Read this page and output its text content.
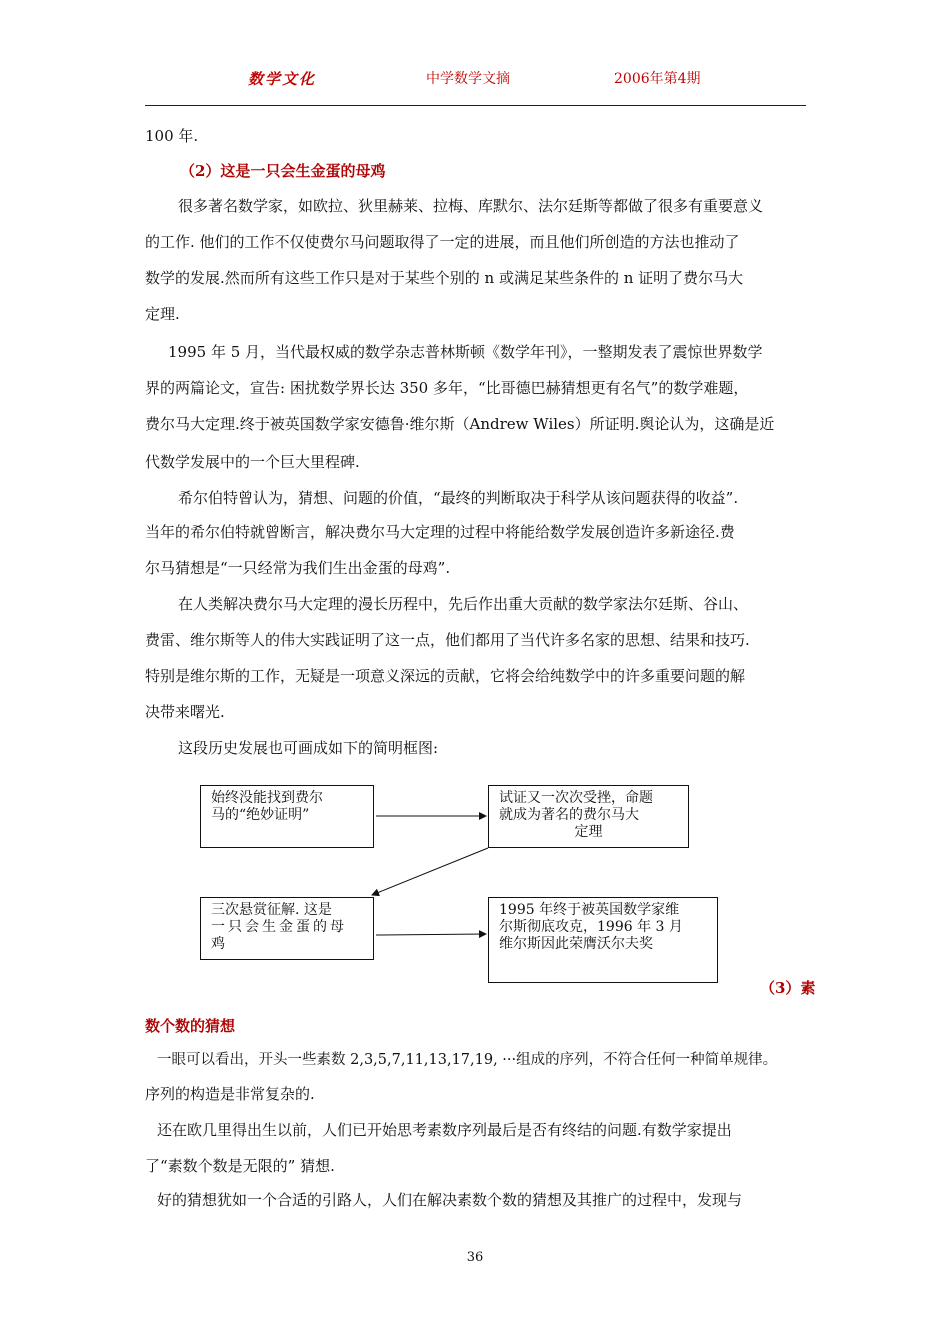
数学文化	中学数学文摘	2006年第4期
100 年.
（2）这是一只会生金蛋的母鸡
很多著名数学家，如欧拉、狄里赫莱、拉梅、库默尔、法尔廷斯等都做了很多有重要意义
的工作. 他们的工作不仅使费尔马问题取得了一定的进展，而且他们所创造的方法也推动了
数学的发展.然而所有这些工作只是对于某些个别的 n 或满足某些条件的 n 证明了费尔马大
定理.
1995 年 5 月，当代最权威的数学杂志普林斯顿《数学年刊》，一整期发表了震惊世界数学
界的两篇论文，宣告: 困扰数学界长达 350 多年，“比哥德巴赫猜想更有名气”的数学难题，
费尔马大定理.终于被英国数学家安德鲁·维尔斯（Andrew Wiles）所证明.舆论认为，这确是近
代数学发展中的一个巨大里程碑.
希尔伯特曾认为，猜想、问题的价值，“最终的判断取决于科学从该问题获得的收益”.
当年的希尔伯特就曾断言，解决费尔马大定理的过程中将能给数学发展创造许多新途径.费
尔马猜想是“一只经常为我们生出金蛋的母鸡”.
在人类解决费尔马大定理的漫长历程中，先后作出重大贡献的数学家法尔廷斯、谷山、
费雷、维尔斯等人的伟大实践证明了这一点，他们都用了当代许多名家的思想、结果和技巧.
特别是维尔斯的工作，无疑是一项意义深远的贡献，它将会给纯数学中的许多重要问题的解
决带来曙光.
这段历史发展也可画成如下的简明框图:
始终没能找到费尔
马的“绝妙证明”
试证又一次次受挫，命题
就成为著名的费尔马大
定理
三次悬赏征解. 这是
一只会生金蛋的母
鸡
1995 年终于被英国数学家维
尔斯彻底攻克，1996 年 3 月
维尔斯因此荣膺沃尔夫奖
（3）素
数个数的猜想
一眼可以看出，开头一些素数 2,3,5,7,11,13,17,19, ···组成的序列，不符合任何一种简单规律。
序列的构造是非常复杂的.
还在欧几里得出生以前，人们已开始思考素数序列最后是否有终结的问题.有数学家提出
了“素数个数是无限的” 猜想.
好的猜想犹如一个合适的引路人，人们在解决素数个数的猜想及其推广的过程中，发现与
36
